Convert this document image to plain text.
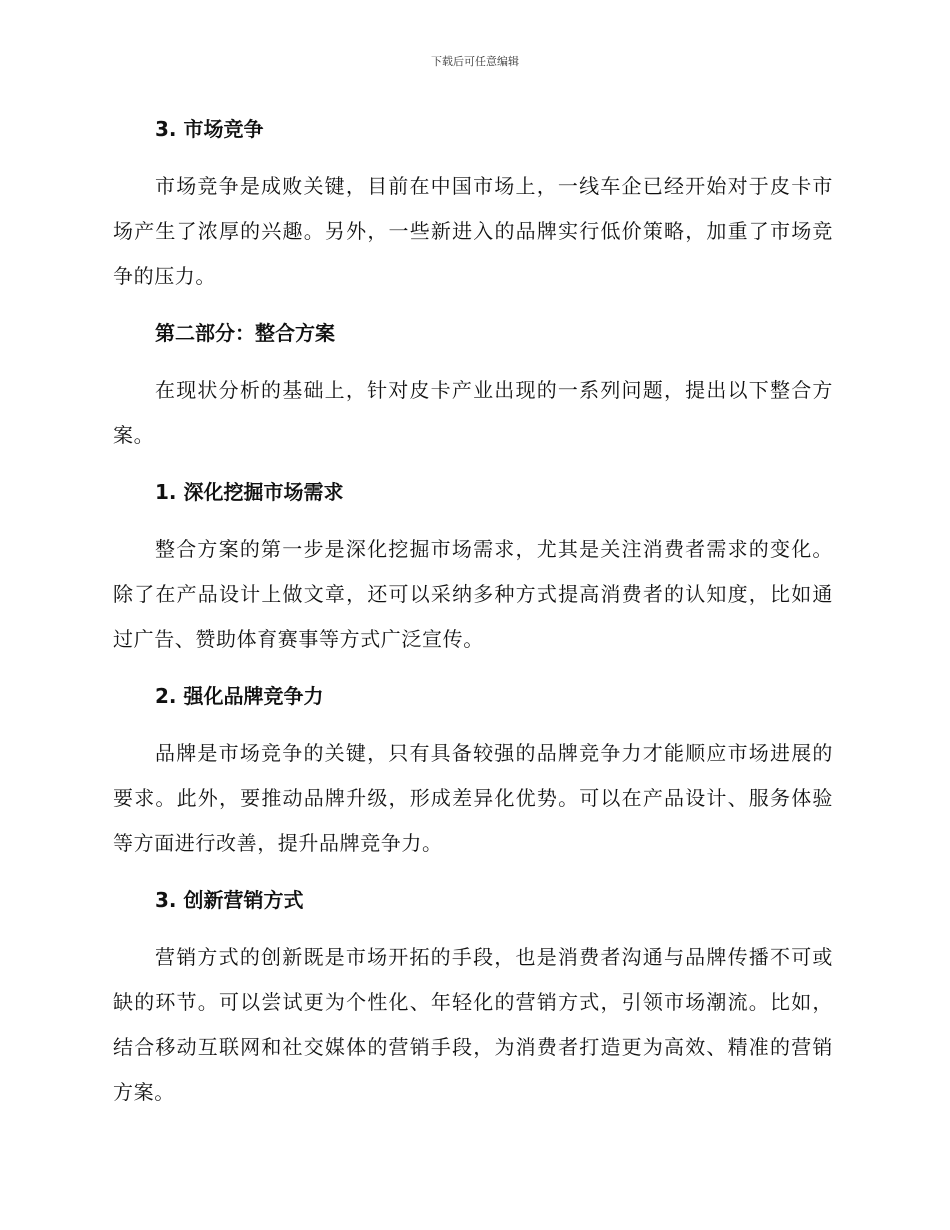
下载后可任意编辑
3. 市场竞争

市场竞争是成败关键，目前在中国市场上，一线车企已经开始对于皮卡市场产生了浓厚的兴趣。另外，一些新进入的品牌实行低价策略，加重了市场竞争的压力。

第二部分：整合方案

在现状分析的基础上，针对皮卡产业出现的一系列问题，提出以下整合方案。

1. 深化挖掘市场需求

整合方案的第一步是深化挖掘市场需求，尤其是关注消费者需求的变化。除了在产品设计上做文章，还可以采纳多种方式提高消费者的认知度，比如通过广告、赞助体育赛事等方式广泛宣传。

2. 强化品牌竞争力

品牌是市场竞争的关键，只有具备较强的品牌竞争力才能顺应市场进展的要求。此外，要推动品牌升级，形成差异化优势。可以在产品设计、服务体验等方面进行改善，提升品牌竞争力。

3. 创新营销方式

营销方式的创新既是市场开拓的手段，也是消费者沟通与品牌传播不可或缺的环节。可以尝试更为个性化、年轻化的营销方式，引领市场潮流。比如，结合移动互联网和社交媒体的营销手段，为消费者打造更为高效、精准的营销方案。
